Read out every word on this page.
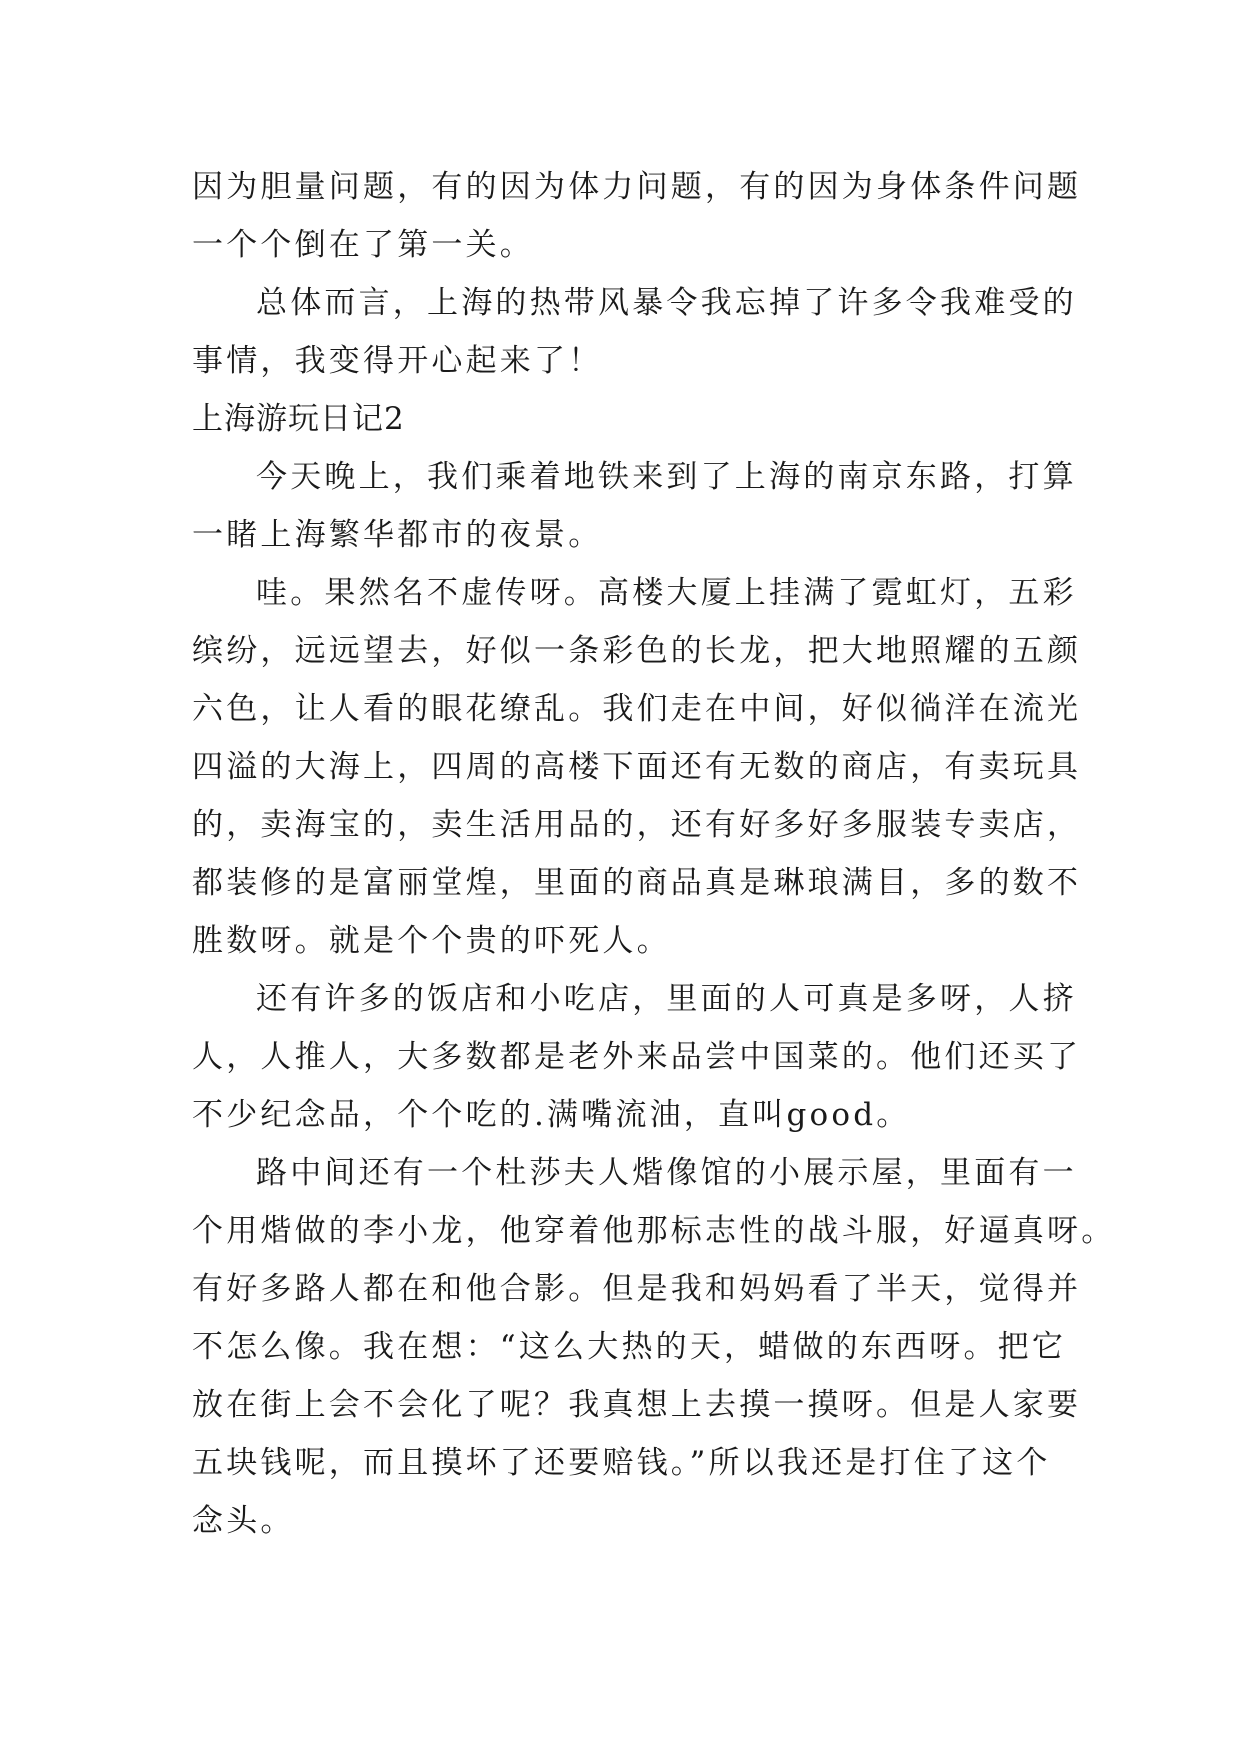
因为胆量问题，有的因为体力问题，有的因为身体条件问题
一个个倒在了第一关。
总体而言，上海的热带风暴令我忘掉了许多令我难受的
事情，我变得开心起来了！
上海游玩日记2
今天晚上，我们乘着地铁来到了上海的南京东路，打算
一睹上海繁华都市的夜景。
哇。果然名不虚传呀。高楼大厦上挂满了霓虹灯，五彩
缤纷，远远望去，好似一条彩色的长龙，把大地照耀的五颜
六色，让人看的眼花缭乱。我们走在中间，好似徜洋在流光
四溢的大海上，四周的高楼下面还有无数的商店，有卖玩具
的，卖海宝的，卖生活用品的，还有好多好多服装专卖店，
都装修的是富丽堂煌，里面的商品真是琳琅满目，多的数不
胜数呀。就是个个贵的吓死人。
还有许多的饭店和小吃店，里面的人可真是多呀，人挤
人，人推人，大多数都是老外来品尝中国菜的。他们还买了
不少纪念品，个个吃的.满嘴流油，直叫good。
路中间还有一个杜莎夫人煯像馆的小展示屋，里面有一
个用煯做的李小龙，他穿着他那标志性的战斗服，好逼真呀。
有好多路人都在和他合影。但是我和妈妈看了半天，觉得并
不怎么像。我在想：“这么大热的天，蜡做的东西呀。把它
放在街上会不会化了呢？我真想上去摸一摸呀。但是人家要
五块钱呢，而且摸坏了还要赔钱。”所以我还是打住了这个
念头。
